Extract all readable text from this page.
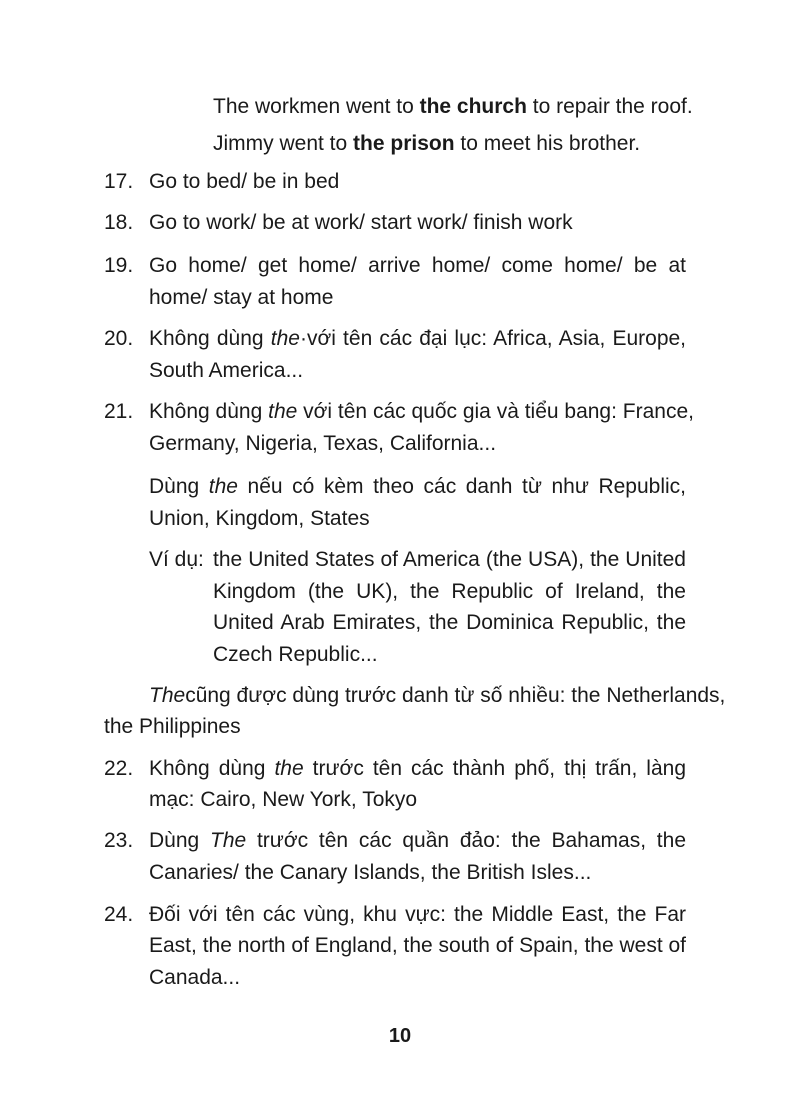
The workmen went to the church to repair the roof.
Jimmy went to the prison to meet his brother.
17. Go to bed/ be in bed
18. Go to work/ be at work/ start work/ finish work
19. Go home/ get home/ arrive home/ come home/ be at
home/ stay at home
20. Không dùng the·với tên các đại lục: Africa, Asia, Europe,
South America...
21. Không dùng the với tên các quốc gia và tiểu bang: France,
Germany, Nigeria, Texas, California...
Dùng the nếu có kèm theo các danh từ như Republic,
Union, Kingdom, States
Ví dụ: the United States of America (the USA), the United
Kingdom (the UK), the Republic of Ireland, the
United Arab Emirates, the Dominica Republic, the
Czech Republic...
Thecũng được dùng trước danh từ số nhiều: the Netherlands,
the Philippines
22. Không dùng the trước tên các thành phố, thị trấn, làng
mạc: Cairo, New York, Tokyo
23. Dùng The trước tên các quần đảo: the Bahamas, the
Canaries/ the Canary Islands, the British Isles...
24. Đối với tên các vùng, khu vực: the Middle East, the Far
East, the north of England, the south of Spain, the west of
Canada...
10
